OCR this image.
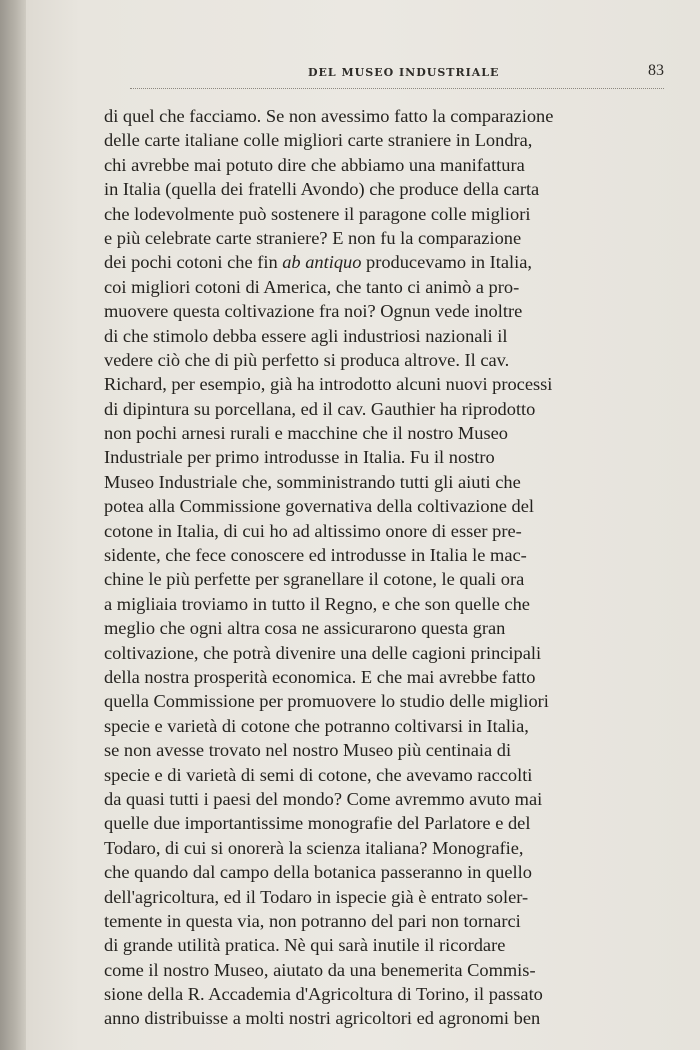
DEL MUSEO INDUSTRIALE	83
di quel che facciamo. Se non avessimo fatto la comparazione
delle carte italiane colle migliori carte straniere in Londra,
chi avrebbe mai potuto dire che abbiamo una manifattura
in Italia (quella dei fratelli Avondo) che produce della carta
che lodevolmente può sostenere il paragone colle migliori
e più celebrate carte straniere? E non fu la comparazione
dei pochi cotoni che fin ab antiquo producevamo in Italia,
coi migliori cotoni di America, che tanto ci animò a pro-
muovere questa coltivazione fra noi? Ognun vede inoltre
di che stimolo debba essere agli industriosi nazionali il
vedere ciò che di più perfetto si produca altrove. Il cav.
Richard, per esempio, già ha introdotto alcuni nuovi processi
di dipintura su porcellana, ed il cav. Gauthier ha riprodotto
non pochi arnesi rurali e macchine che il nostro Museo
Industriale per primo introdusse in Italia. Fu il nostro
Museo Industriale che, somministrando tutti gli aiuti che
potea alla Commissione governativa della coltivazione del
cotone in Italia, di cui ho ad altissimo onore di esser pre-
sidente, che fece conoscere ed introdusse in Italia le mac-
chine le più perfette per sgranellare il cotone, le quali ora
a migliaia troviamo in tutto il Regno, e che son quelle che
meglio che ogni altra cosa ne assicurarono questa gran
coltivazione, che potrà divenire una delle cagioni principali
della nostra prosperità economica. E che mai avrebbe fatto
quella Commissione per promuovere lo studio delle migliori
specie e varietà di cotone che potranno coltivarsi in Italia,
se non avesse trovato nel nostro Museo più centinaia di
specie e di varietà di semi di cotone, che avevamo raccolti
da quasi tutti i paesi del mondo? Come avremmo avuto mai
quelle due importantissime monografie del Parlatore e del
Todaro, di cui si onorerà la scienza italiana? Monografie,
che quando dal campo della botanica passeranno in quello
dell'agricoltura, ed il Todaro in ispecie già è entrato soler-
temente in questa via, non potranno del pari non tornarci
di grande utilità pratica. Nè qui sarà inutile il ricordare
come il nostro Museo, aiutato da una benemerita Commis-
sione della R. Accademia d'Agricoltura di Torino, il passato
anno distribuisse a molti nostri agricoltori ed agronomi ben
